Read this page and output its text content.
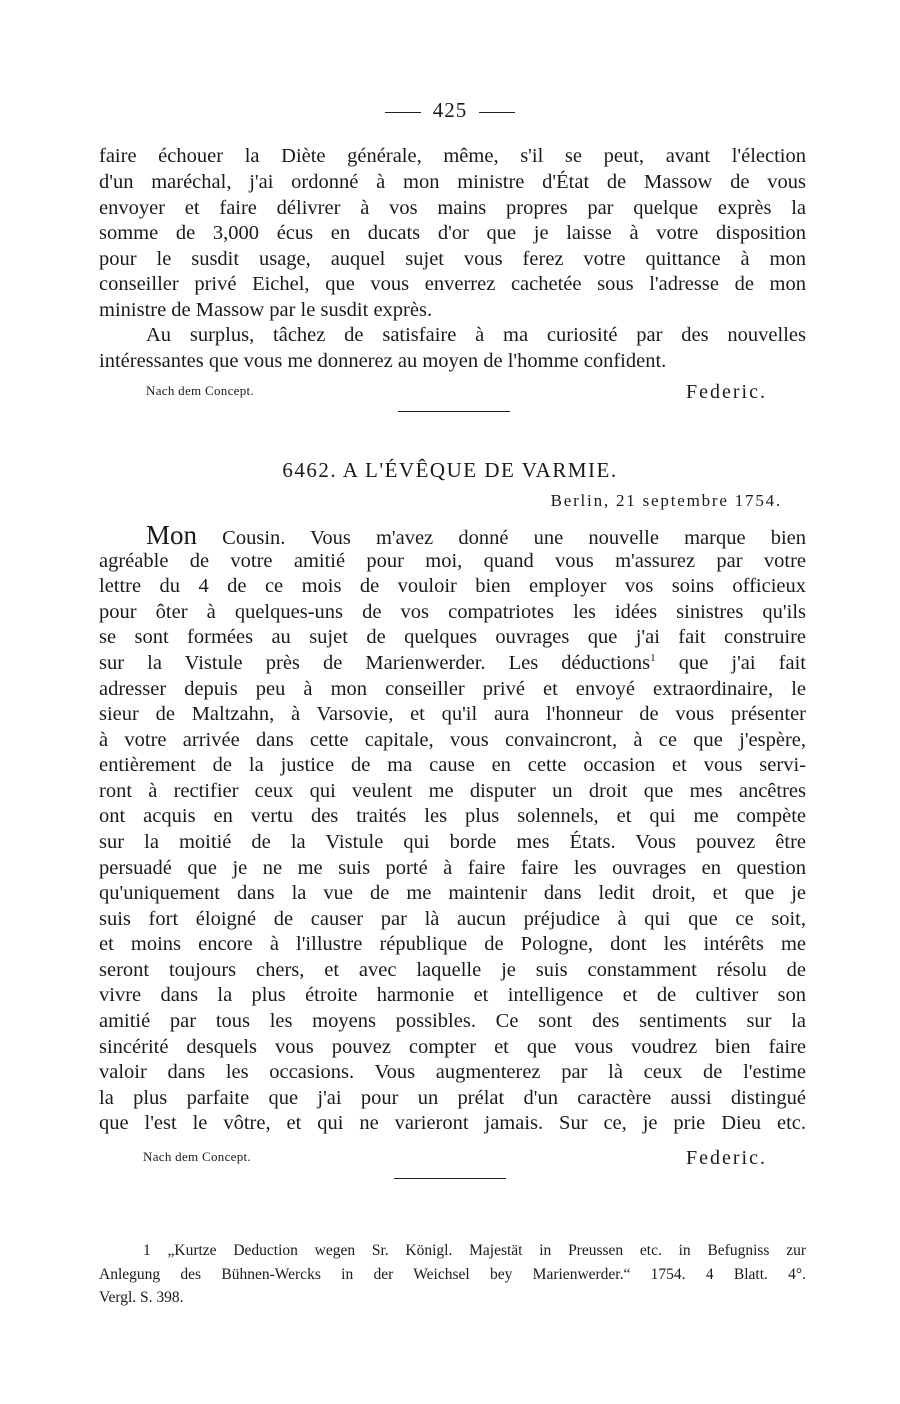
425
faire échouer la Diète générale, même, s'il se peut, avant l'élection
d'un maréchal, j'ai ordonné à mon ministre d'État de Massow de vous
envoyer et faire délivrer à vos mains propres par quelque exprès la
somme de 3,000 écus en ducats d'or que je laisse à votre disposition
pour le susdit usage, auquel sujet vous ferez votre quittance à mon
conseiller privé Eichel, que vous enverrez cachetée sous l'adresse de mon
ministre de Massow par le susdit exprès.
Au surplus, tâchez de satisfaire à ma curiosité par des nouvelles
intéressantes que vous me donnerez au moyen de l'homme confident.
Nach dem Concept.	Federic.
6462. A L'ÉVÊQUE DE VARMIE.
Berlin, 21 septembre 1754.
Mon Cousin. Vous m'avez donné une nouvelle marque bien
agréable de votre amitié pour moi, quand vous m'assurez par votre
lettre du 4 de ce mois de vouloir bien employer vos soins officieux
pour ôter à quelques-uns de vos compatriotes les idées sinistres qu'ils
se sont formées au sujet de quelques ouvrages que j'ai fait construire
sur la Vistule près de Marienwerder. Les déductions$^1$ que j'ai fait
adresser depuis peu à mon conseiller privé et envoyé extraordinaire, le
sieur de Maltzahn, à Varsovie, et qu'il aura l'honneur de vous présenter
à votre arrivée dans cette capitale, vous convaincront, à ce que j'espère,
entièrement de la justice de ma cause en cette occasion et vous servi-
ront à rectifier ceux qui veulent me disputer un droit que mes ancêtres
ont acquis en vertu des traités les plus solennels, et qui me compète
sur la moitié de la Vistule qui borde mes États. Vous pouvez être
persuadé que je ne me suis porté à faire faire les ouvrages en question
qu'uniquement dans la vue de me maintenir dans ledit droit, et que je
suis fort éloigné de causer par là aucun préjudice à qui que ce soit,
et moins encore à l'illustre république de Pologne, dont les intérêts me
seront toujours chers, et avec laquelle je suis constamment résolu de
vivre dans la plus étroite harmonie et intelligence et de cultiver son
amitié par tous les moyens possibles. Ce sont des sentiments sur la
sincérité desquels vous pouvez compter et que vous voudrez bien faire
valoir dans les occasions. Vous augmenterez par là ceux de l'estime
la plus parfaite que j'ai pour un prélat d'un caractère aussi distingué
que l'est le vôtre, et qui ne varieront jamais. Sur ce, je prie Dieu etc.
Nach dem Concept.	Federic.
1 „Kurtze Deduction wegen Sr. Königl. Majestät in Preussen etc. in Befugniss zur
Anlegung des Bühnen-Wercks in der Weichsel bey Marienwerder.“ 1754. 4 Blatt. 4°.
Vergl. S. 398.
